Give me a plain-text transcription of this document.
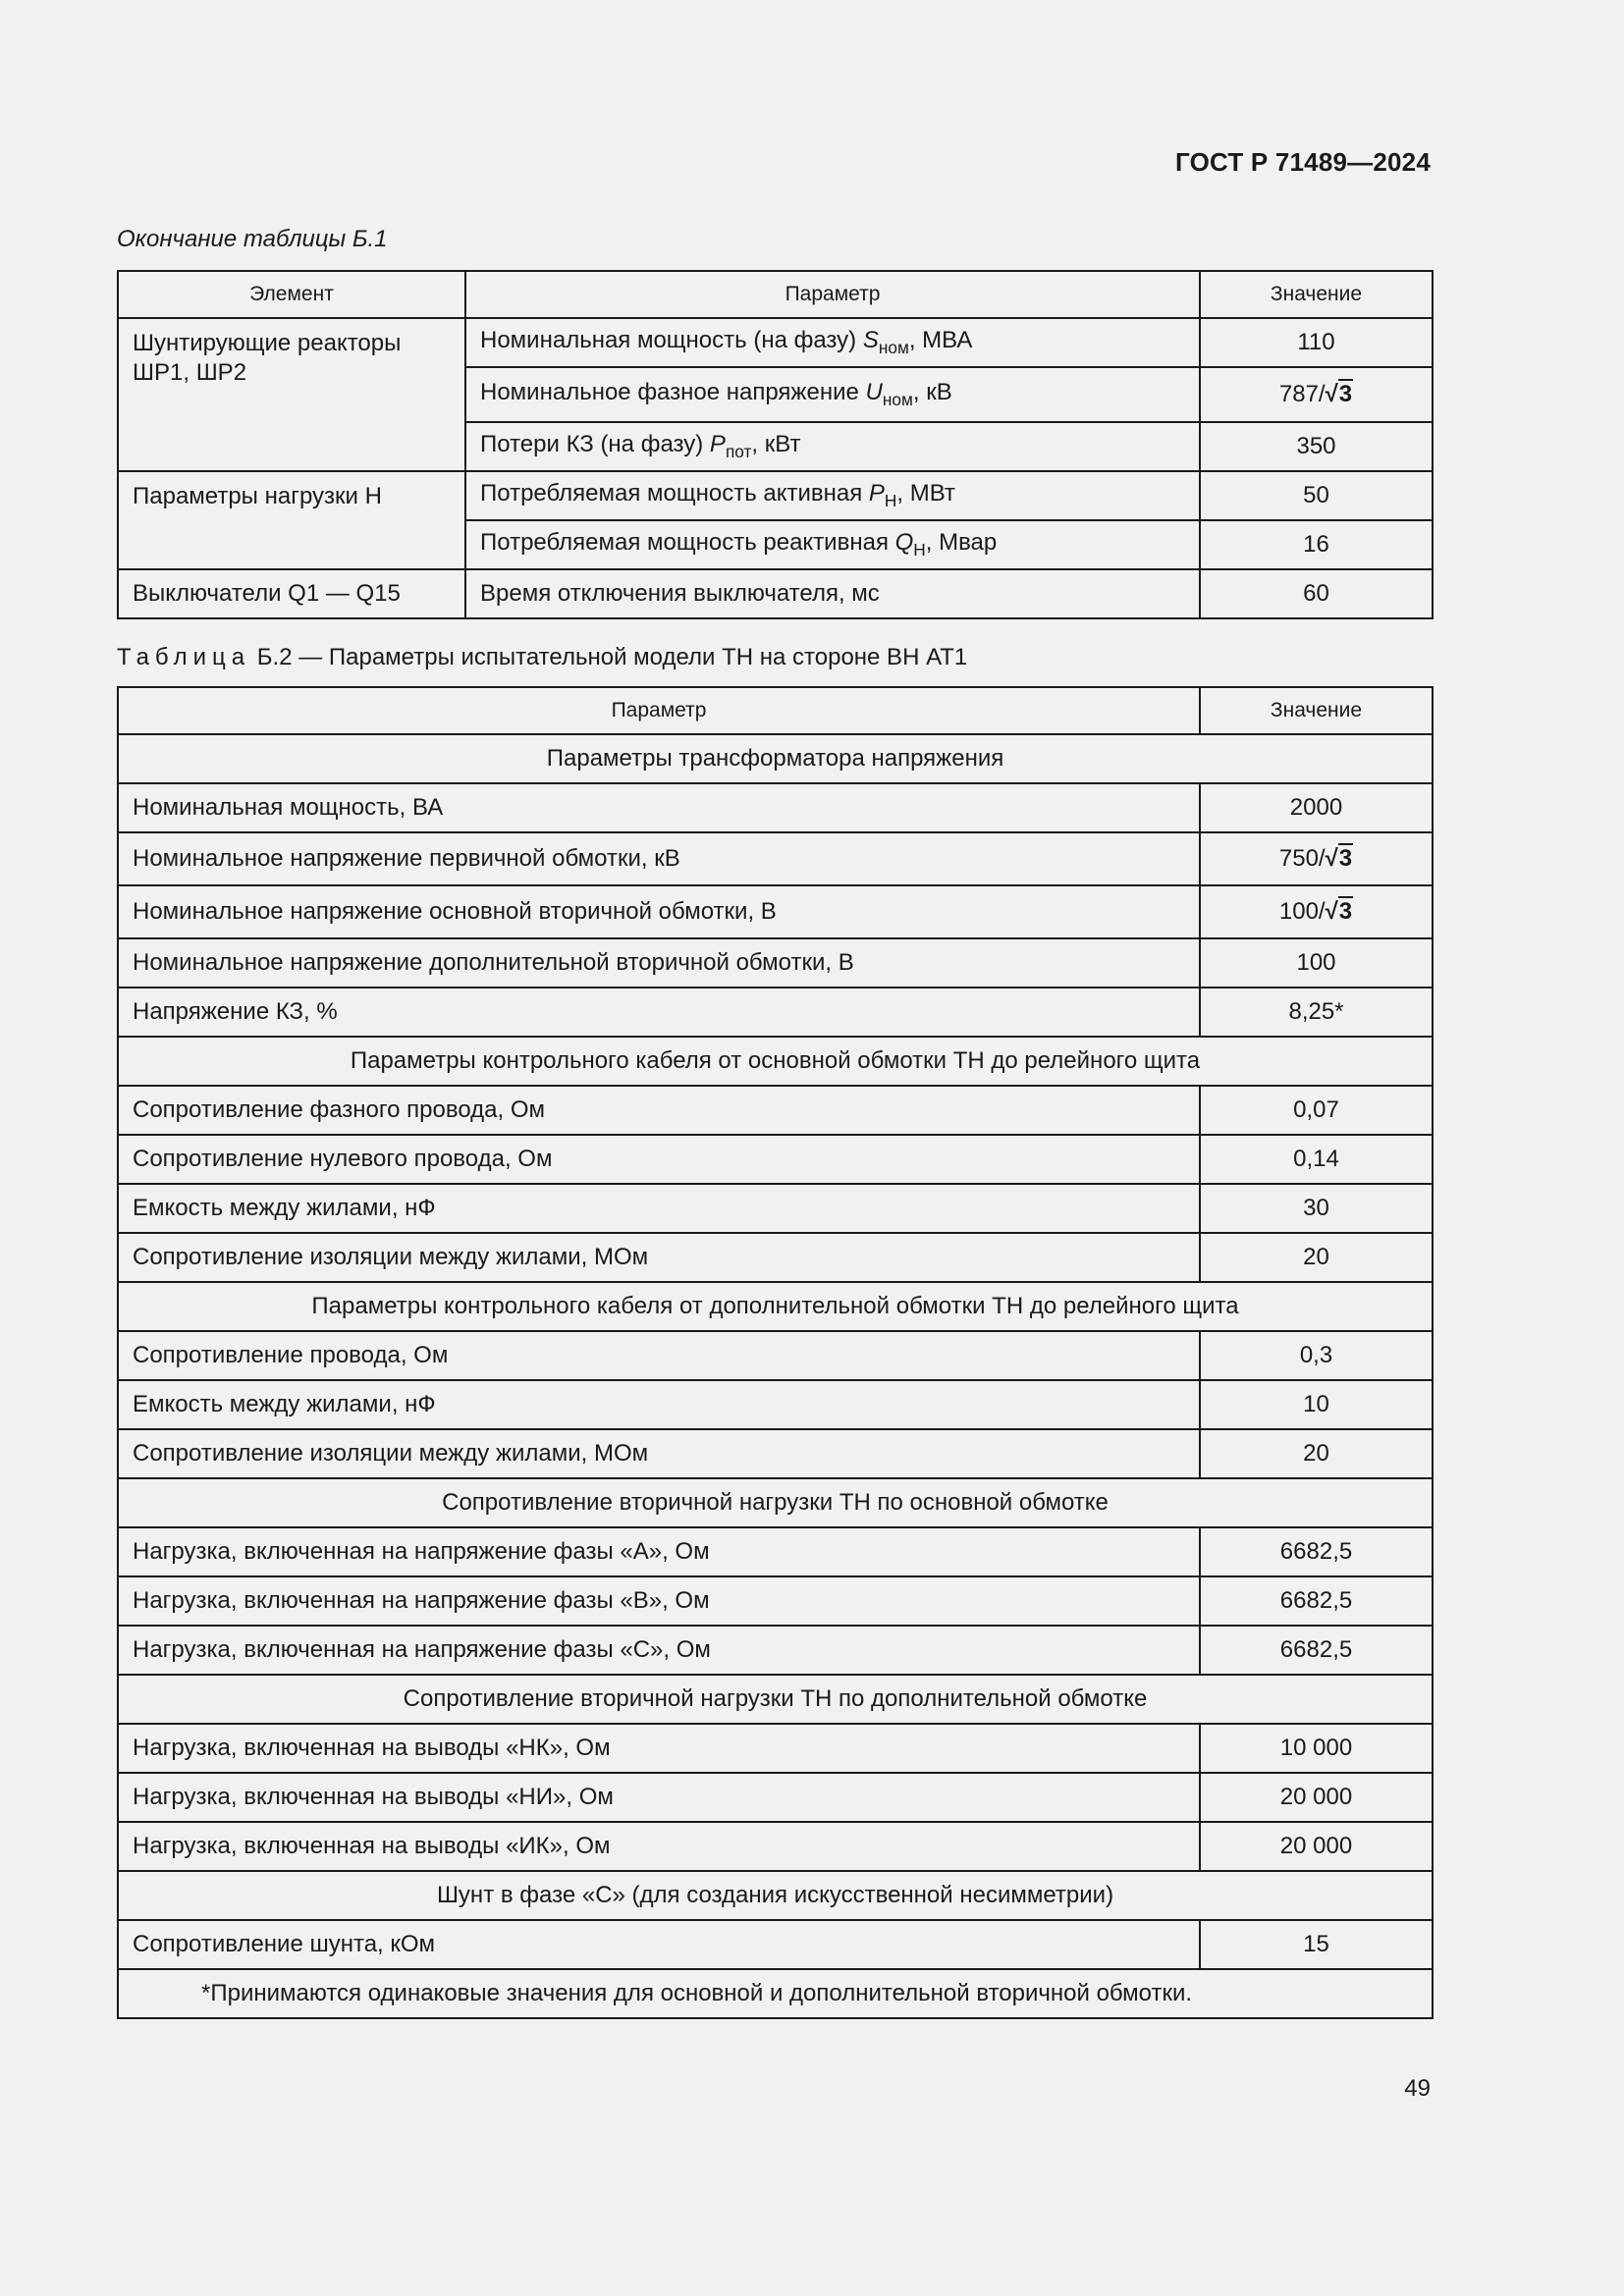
ГОСТ Р 71489—2024
Окончание таблицы Б.1
Элемент	Параметр	Значение
Шунтирующие реакторы ШР1, ШР2	Номинальная мощность (на фазу) $S_{ном}$, МВА	110
	Номинальное фазное напряжение $U_{ном}$, кВ	787/√3
	Потери КЗ (на фазу) $P_{пот}$, кВт	350
Параметры нагрузки Н	Потребляемая мощность активная $P_Н$, МВт	50
	Потребляемая мощность реактивная $Q_Н$, Мвар	16
Выключатели Q1 — Q15	Время отключения выключателя, мс	60
Таблица Б.2 — Параметры испытательной модели ТН на стороне ВН АТ1
Параметр	Значение
Параметры трансформатора напряжения	
Номинальная мощность, ВА	2000
Номинальное напряжение первичной обмотки, кВ	750/√3
Номинальное напряжение основной вторичной обмотки, В	100/√3
Номинальное напряжение дополнительной вторичной обмотки, В	100
Напряжение КЗ, %	8,25*
Параметры контрольного кабеля от основной обмотки ТН до релейного щита	
Сопротивление фазного провода, Ом	0,07
Сопротивление нулевого провода, Ом	0,14
Емкость между жилами, нФ	30
Сопротивление изоляции между жилами, МОм	20
Параметры контрольного кабеля от дополнительной обмотки ТН до релейного щита	
Сопротивление провода, Ом	0,3
Емкость между жилами, нФ	10
Сопротивление изоляции между жилами, МОм	20
Сопротивление вторичной нагрузки ТН по основной обмотке	
Нагрузка, включенная на напряжение фазы «А», Ом	6682,5
Нагрузка, включенная на напряжение фазы «В», Ом	6682,5
Нагрузка, включенная на напряжение фазы «С», Ом	6682,5
Сопротивление вторичной нагрузки ТН по дополнительной обмотке	
Нагрузка, включенная на выводы «НК», Ом	10 000
Нагрузка, включенная на выводы «НИ», Ом	20 000
Нагрузка, включенная на выводы «ИК», Ом	20 000
Шунт в фазе «С» (для создания искусственной несимметрии)	
Сопротивление шунта, кОм	15
*Принимаются одинаковые значения для основной и дополнительной вторичной обмотки.	
49
